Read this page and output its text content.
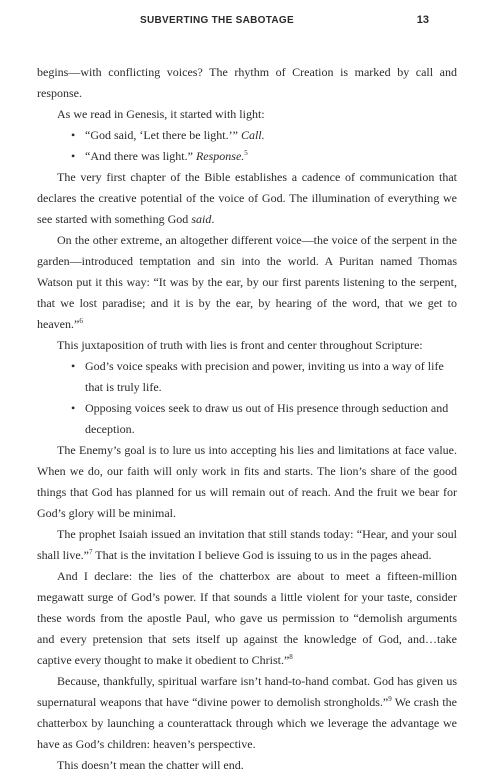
SUBVERTING THE SABOTAGE	13

begins—with conflicting voices? The rhythm of Creation is marked by call and response.

As we read in Genesis, it started with light:

• “God said, ‘Let there be light.’” Call.
• “And there was light.” Response.$^5$

The very first chapter of the Bible establishes a cadence of communication that declares the creative potential of the voice of God. The illumination of everything we see started with something God said.

On the other extreme, an altogether different voice—the voice of the serpent in the garden—introduced temptation and sin into the world. A Puritan named Thomas Watson put it this way: “It was by the ear, by our first parents listening to the serpent, that we lost paradise; and it is by the ear, by hearing of the word, that we get to heaven.”$^6$

This juxtaposition of truth with lies is front and center throughout Scripture:

• God’s voice speaks with precision and power, inviting us into a way of life that is truly life.
• Opposing voices seek to draw us out of His presence through seduction and deception.

The Enemy’s goal is to lure us into accepting his lies and limitations at face value. When we do, our faith will only work in fits and starts. The lion’s share of the good things that God has planned for us will remain out of reach. And the fruit we bear for God’s glory will be minimal.

The prophet Isaiah issued an invitation that still stands today: “Hear, and your soul shall live.”$^7$ That is the invitation I believe God is issuing to us in the pages ahead.

And I declare: the lies of the chatterbox are about to meet a fifteen-million megawatt surge of God’s power. If that sounds a little violent for your taste, consider these words from the apostle Paul, who gave us permission to “demolish arguments and every pretension that sets itself up against the knowledge of God, and…take captive every thought to make it obedient to Christ.”$^8$

Because, thankfully, spiritual warfare isn’t hand-to-hand combat. God has given us supernatural weapons that have “divine power to demolish strongholds.”$^9$ We crash the chatterbox by launching a counterattack through which we leverage the advantage we have as God’s children: heaven’s perspective.

This doesn’t mean the chatter will end.
